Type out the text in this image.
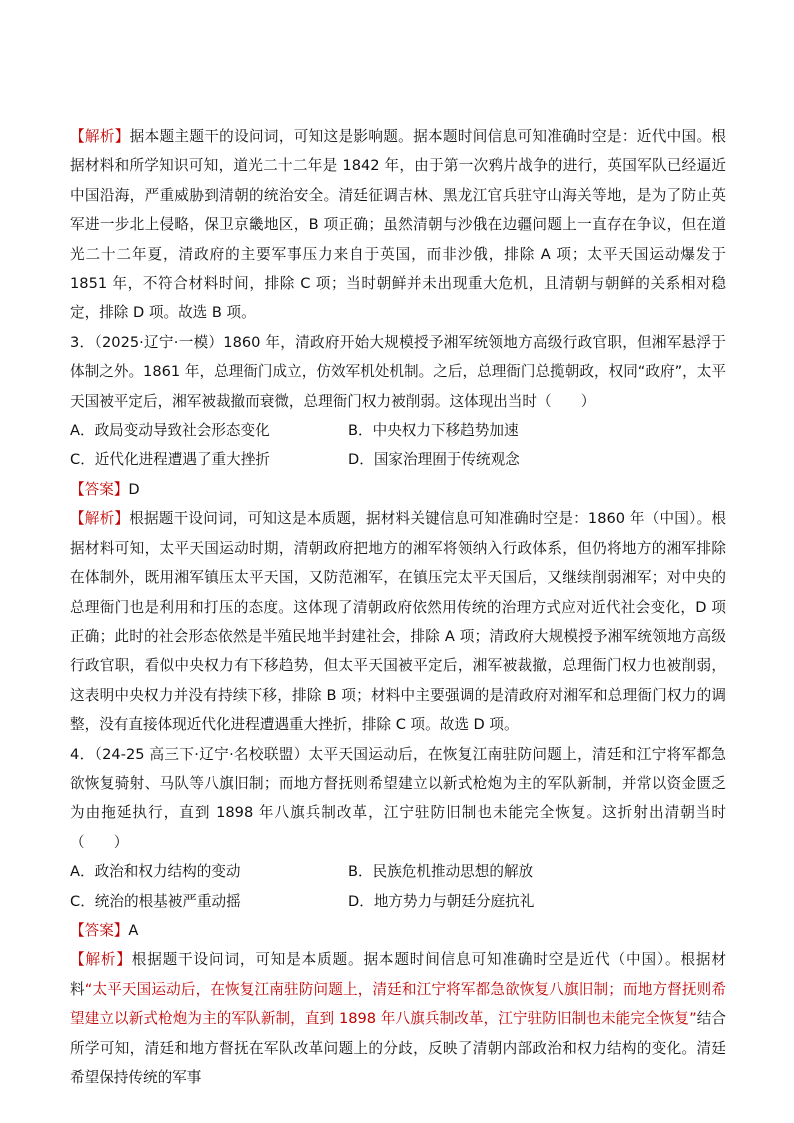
【解析】据本题主题干的设问词，可知这是影响题。据本题时间信息可知准确时空是：近代中国。根据材料和所学知识可知，道光二十二年是 1842 年，由于第一次鸦片战争的进行，英国军队已经逼近中国沿海，严重威胁到清朝的统治安全。清廷征调吉林、黑龙江官兵驻守山海关等地，是为了防止英军进一步北上侵略，保卫京畿地区，B 项正确；虽然清朝与沙俄在边疆问题上一直存在争议，但在道光二十二年夏，清政府的主要军事压力来自于英国，而非沙俄，排除 A 项；太平天国运动爆发于 1851 年，不符合材料时间，排除 C 项；当时朝鲜并未出现重大危机，且清朝与朝鲜的关系相对稳定，排除 D 项。故选 B 项。

3．（2025·辽宁·一模）1860 年，清政府开始大规模授予湘军统领地方高级行政官职，但湘军悬浮于体制之外。1861 年，总理衙门成立，仿效军机处机制。之后，总理衙门总揽朝政，权同“政府”，太平天国被平定后，湘军被裁撤而衰微，总理衙门权力被削弱。这体现出当时（　　）

A．政局变动导致社会形态变化	B．中央权力下移趋势加速
C．近代化进程遭遇了重大挫折	D．国家治理囿于传统观念

【答案】D

【解析】根据题干设问词，可知这是本质题，据材料关键信息可知准确时空是：1860 年（中国）。根据材料可知，太平天国运动时期，清朝政府把地方的湘军将领纳入行政体系，但仍将地方的湘军排除在体制外，既用湘军镇压太平天国，又防范湘军，在镇压完太平天国后，又继续削弱湘军；对中央的总理衙门也是利用和打压的态度。这体现了清朝政府依然用传统的治理方式应对近代社会变化，D 项正确；此时的社会形态依然是半殖民地半封建社会，排除 A 项；清政府大规模授予湘军统领地方高级行政官职，看似中央权力有下移趋势，但太平天国被平定后，湘军被裁撤，总理衙门权力也被削弱，这表明中央权力并没有持续下移，排除 B 项；材料中主要强调的是清政府对湘军和总理衙门权力的调整，没有直接体现近代化进程遭遇重大挫折，排除 C 项。故选 D 项。

4．（24-25 高三下·辽宁·名校联盟）太平天国运动后，在恢复江南驻防问题上，清廷和江宁将军都急欲恢复骑射、马队等八旗旧制；而地方督抚则希望建立以新式枪炮为主的军队新制，并常以资金匮乏为由拖延执行，直到 1898 年八旗兵制改革，江宁驻防旧制也未能完全恢复。这折射出清朝当时（　　）

A．政治和权力结构的变动	B．民族危机推动思想的解放
C．统治的根基被严重动摇	D．地方势力与朝廷分庭抗礼

【答案】A

【解析】根据题干设问词，可知是本质题。据本题时间信息可知准确时空是近代（中国）。根据材料“太平天国运动后，在恢复江南驻防问题上，清廷和江宁将军都急欲恢复八旗旧制；而地方督抚则希望建立以新式枪炮为主的军队新制，直到 1898 年八旗兵制改革，江宁驻防旧制也未能完全恢复”结合所学可知，清廷和地方督抚在军队改革问题上的分歧，反映了清朝内部政治和权力结构的变化。清廷希望保持传统的军事
